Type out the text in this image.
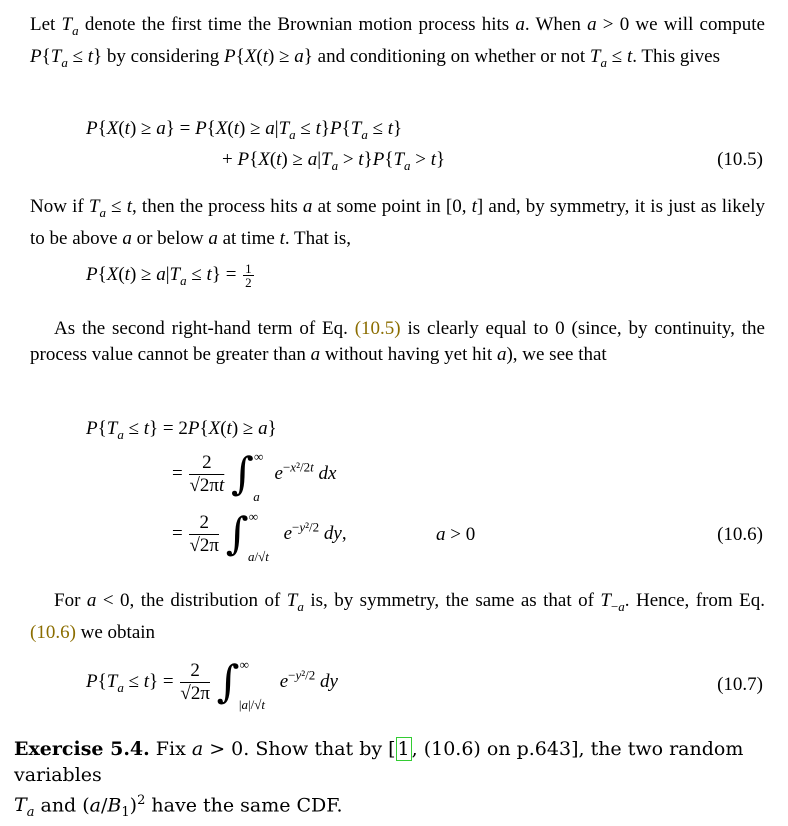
Let $T_a$ denote the first time the Brownian motion process hits a. When a > 0 we will compute $P\{T_a \le t\}$ by considering P{X(t) ≥ a} and conditioning on whether or not $T_a \le t$. This gives
$P\{X(t) \ge a\} = P\{X(t) \ge a|T_a \le t\}P\{T_a \le t\}$
+ $P\{X(t) \ge a|T_a > t\}P\{T_a > t\}$	(10.5)
Now if $T_a \le t$, then the process hits a at some point in [0, t] and, by symmetry, it is just as likely to be above a or below a at time t. That is,
$P\{X(t) \ge a|T_a \le t\} = \frac{1}{2}$
As the second right-hand term of Eq. (10.5) is clearly equal to 0 (since, by continuity, the process value cannot be greater than a without having yet hit a), we see that
$P\{T_a \le t\} = 2P\{X(t) \ge a\}$
= $\frac{2}{√2\pi t} \int^\infty_a$ $e^{-x^2/2t}$ dx
= $\frac{2}{√2\pi} \int^\infty_{a/√t}$ $e^{-y^2/2}$ dy,	a > 0	(10.6)
For a < 0, the distribution of $T_a$ is, by symmetry, the same as that of $T_{-a}$. Hence, from Eq. (10.6) we obtain
$P\{T_a \le t\} = \frac{2}{√2\pi} \int^\infty_{|a|/√t}$ $e^{-y^2/2}$ dy	(10.7)
Exercise 5.4. Fix a > 0. Show that by [ 1 , (10.6) on p.643], the two random variables
$T_a$ and $(a/B_1)^2$ have the same CDF.
